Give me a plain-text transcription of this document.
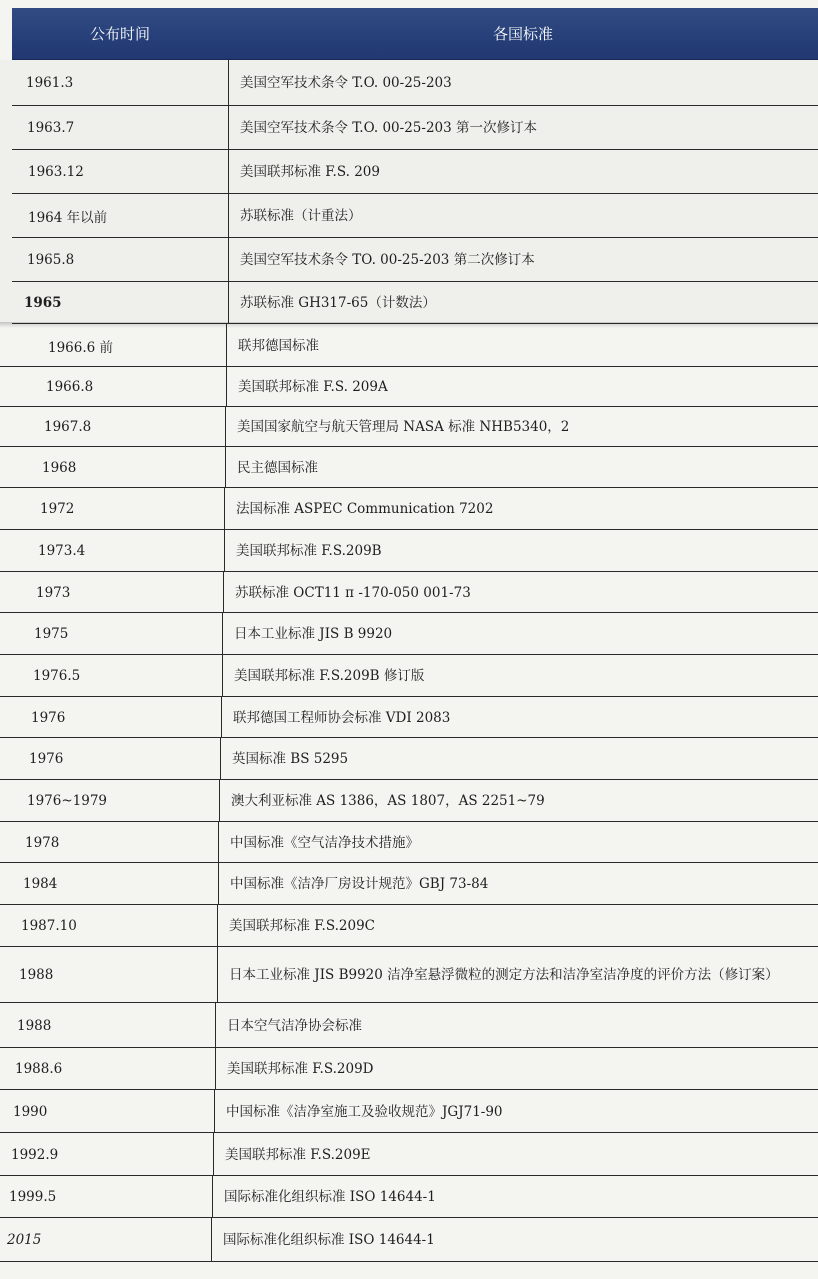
公布时间	各国标准
1961.3	美国空军技术条令 T.O. 00-25-203
1963.7	美国空军技术条令 T.O. 00-25-203 第一次修订本
1963.12	美国联邦标准 F.S. 209
1964 年以前	苏联标准（计重法）
1965.8	美国空军技术条令 TO. 00-25-203 第二次修订本
1965	苏联标准 GH317-65（计数法）
1966.6 前	联邦德国标准
1966.8	美国联邦标准 F.S. 209A
1967.8	美国国家航空与航天管理局 NASA 标准 NHB5340，2
1968	民主德国标准
1972	法国标准 ASPEC Communication 7202
1973.4	美国联邦标准 F.S.209B
1973	苏联标准 OCT11 π -170-050 001-73
1975	日本工业标准 JIS B 9920
1976.5	美国联邦标准 F.S.209B 修订版
1976	联邦德国工程师协会标准 VDI 2083
1976	英国标准 BS 5295
1976~1979	澳大利亚标准 AS 1386，AS 1807，AS 2251~79
1978	中国标准《空气洁净技术措施》
1984	中国标准《洁净厂房设计规范》GBJ 73-84
1987.10	美国联邦标准 F.S.209C
1988	日本工业标准 JIS B9920 洁净室悬浮微粒的测定方法和洁净室洁净度的评价方法（修订案）
1988	日本空气洁净协会标准
1988.6	美国联邦标准 F.S.209D
1990	中国标准《洁净室施工及验收规范》JGJ71-90
1992.9	美国联邦标准 F.S.209E
1999.5	国际标准化组织标准 ISO 14644-1
2015	国际标准化组织标准 ISO 14644-1
